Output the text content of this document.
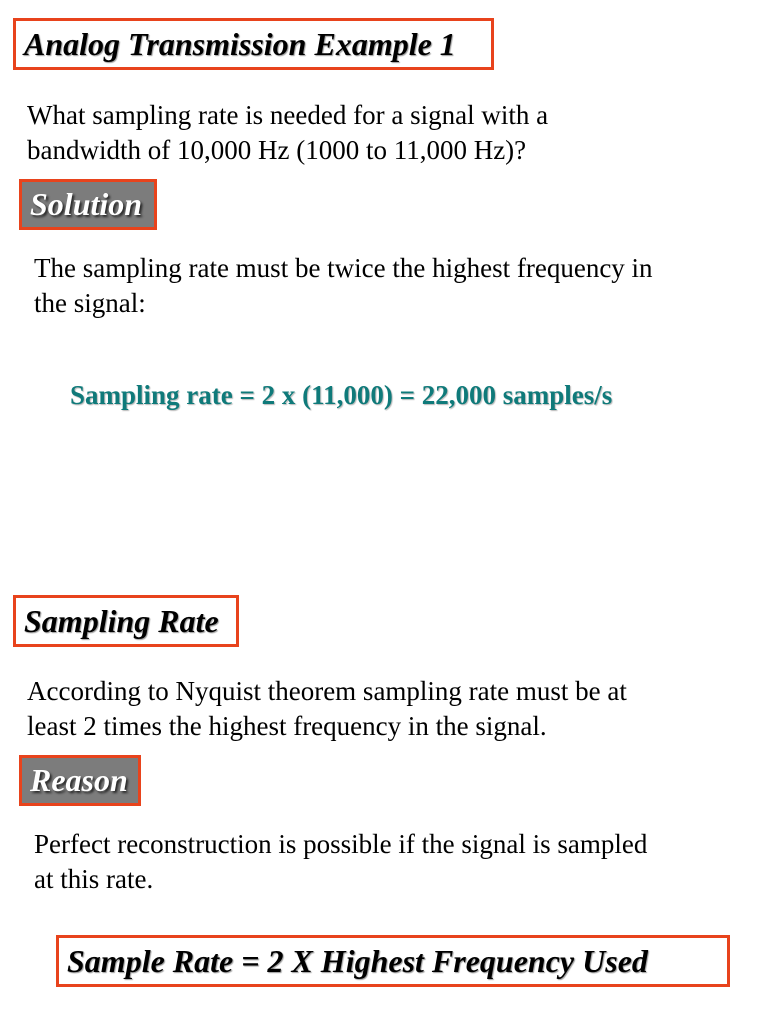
Analog Transmission Example 1
What sampling rate is needed for a signal with a
bandwidth of 10,000 Hz (1000 to 11,000 Hz)?
Solution
The sampling rate must be twice the highest frequency in
the signal:
Sampling rate = 2 x (11,000) = 22,000 samples/s
Sampling Rate
According to Nyquist theorem sampling rate must be at
least 2 times the highest frequency in the signal.
Reason
Perfect reconstruction is possible if the signal is sampled
at this rate.
Sample Rate = 2 X Highest Frequency Used
